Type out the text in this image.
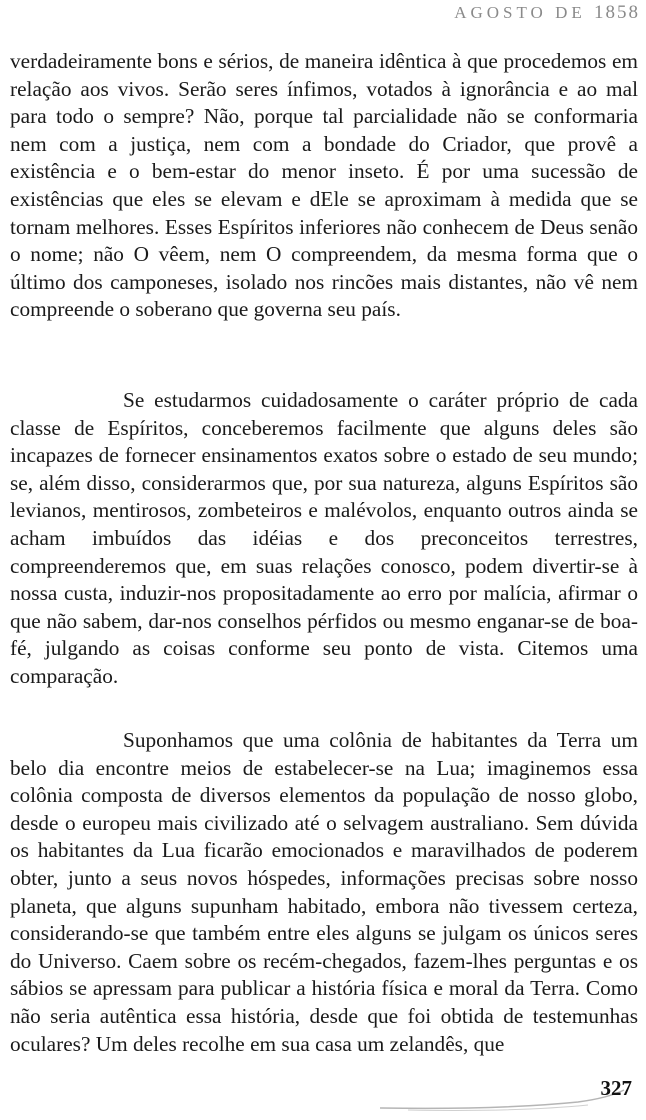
AGOSTO DE 1858

verdadeiramente bons e sérios, de maneira idêntica à que procedemos em relação aos vivos. Serão seres ínfimos, votados à ignorância e ao mal para todo o sempre? Não, porque tal parcialidade não se conformaria nem com a justiça, nem com a bondade do Criador, que provê a existência e o bem-estar do menor inseto. É por uma sucessão de existências que eles se elevam e dEle se aproximam à medida que se tornam melhores. Esses Espíritos inferiores não conhecem de Deus senão o nome; não O vêem, nem O compreendem, da mesma forma que o último dos camponeses, isolado nos rincões mais distantes, não vê nem compreende o soberano que governa seu país.

Se estudarmos cuidadosamente o caráter próprio de cada classe de Espíritos, conceberemos facilmente que alguns deles são incapazes de fornecer ensinamentos exatos sobre o estado de seu mundo; se, além disso, considerarmos que, por sua natureza, alguns Espíritos são levianos, mentirosos, zombeteiros e malévolos, enquanto outros ainda se acham imbuídos das idéias e dos preconceitos terrestres, compreenderemos que, em suas relações conosco, podem divertir-se à nossa custa, induzir-nos propositadamente ao erro por malícia, afirmar o que não sabem, dar-nos conselhos pérfidos ou mesmo enganar-se de boa-fé, julgando as coisas conforme seu ponto de vista. Citemos uma comparação.

Suponhamos que uma colônia de habitantes da Terra um belo dia encontre meios de estabelecer-se na Lua; imaginemos essa colônia composta de diversos elementos da população de nosso globo, desde o europeu mais civilizado até o selvagem australiano. Sem dúvida os habitantes da Lua ficarão emocionados e maravilhados de poderem obter, junto a seus novos hóspedes, informações precisas sobre nosso planeta, que alguns supunham habitado, embora não tivessem certeza, considerando-se que também entre eles alguns se julgam os únicos seres do Universo. Caem sobre os recém-chegados, fazem-lhes perguntas e os sábios se apressam para publicar a história física e moral da Terra. Como não seria autêntica essa história, desde que foi obtida de testemunhas oculares? Um deles recolhe em sua casa um zelandês, que

327
